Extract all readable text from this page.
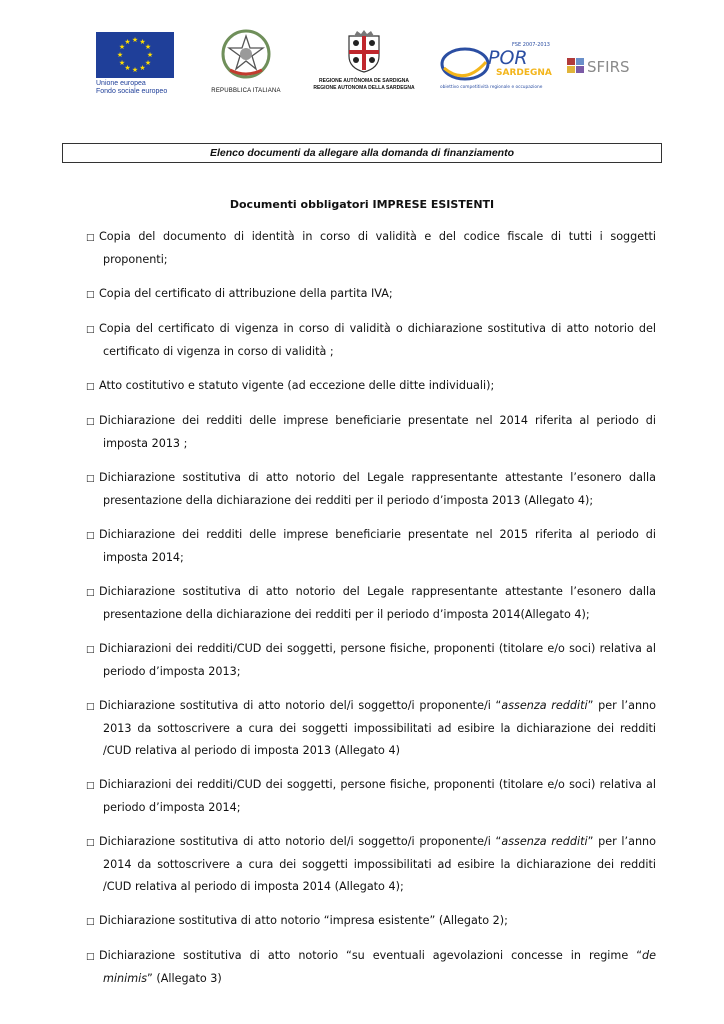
★ ★
★
★
★
★
★
★
★
★
★
★
Unione europea
Fondo sociale europeo	REPUBBLICA ITALIANA
REGIONE AUTÒNOMA DE SARDIGNA
REGIONE AUTONOMA DELLA SARDEGNA
FSE 2007-2013
POR
SARDEGNA
obiettivo competitività regionale e occupazione
SFIRS
Elenco documenti da allegare alla domanda di finanziamento
Documenti obbligatori IMPRESE ESISTENTI
□ Copia del documento di identità in corso di validità e del codice fiscale di tutti i soggetti proponenti;
□ Copia del certificato di attribuzione della partita IVA;
□ Copia del certificato di vigenza in corso di validità o dichiarazione sostitutiva di atto notorio del certificato di vigenza in corso di validità ;
□ Atto costitutivo e statuto vigente (ad eccezione delle ditte individuali);
□ Dichiarazione dei redditi delle imprese beneficiarie presentate nel 2014 riferita al periodo di imposta 2013 ;
□ Dichiarazione sostitutiva di atto notorio del Legale rappresentante attestante l’esonero dalla presentazione della dichiarazione dei redditi per il periodo d’imposta 2013 (Allegato 4);
□ Dichiarazione dei redditi delle imprese beneficiarie presentate nel 2015 riferita al periodo di imposta 2014;
□ Dichiarazione sostitutiva di atto notorio del Legale rappresentante attestante l’esonero dalla presentazione della dichiarazione dei redditi per il periodo d’imposta 2014(Allegato 4);
□ Dichiarazioni dei redditi/CUD dei soggetti, persone fisiche, proponenti (titolare e/o soci) relativa al periodo d’imposta 2013;
□ Dichiarazione sostitutiva di atto notorio del/i soggetto/i proponente/i “assenza redditi” per l’anno 2013 da sottoscrivere a cura dei soggetti impossibilitati ad esibire la dichiarazione dei redditi /CUD relativa al periodo di imposta 2013 (Allegato 4)
□ Dichiarazioni dei redditi/CUD dei soggetti, persone fisiche, proponenti (titolare e/o soci) relativa al periodo d’imposta 2014;
□ Dichiarazione sostitutiva di atto notorio del/i soggetto/i proponente/i “assenza redditi” per l’anno 2014 da sottoscrivere a cura dei soggetti impossibilitati ad esibire la dichiarazione dei redditi /CUD relativa al periodo di imposta 2014 (Allegato 4);
□ Dichiarazione sostitutiva di atto notorio “impresa esistente” (Allegato 2);
□ Dichiarazione sostitutiva di atto notorio “su eventuali agevolazioni concesse in regime “de minimis” (Allegato 3)
